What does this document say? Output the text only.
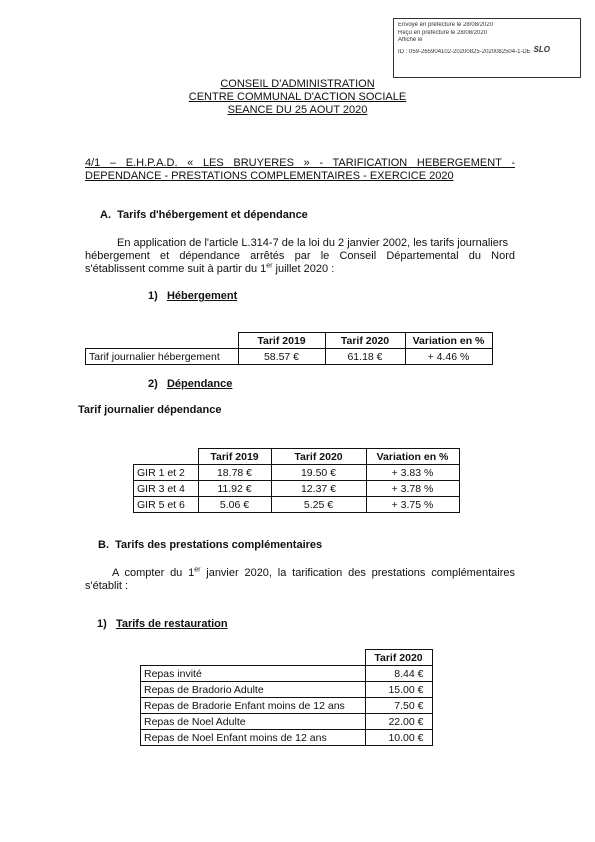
Envoyé en préfecture le 28/08/2020
Reçu en préfecture le 28/08/2020
Affiché le
ID : 059-265904102-20200825-2020082504-1-DE SLO
CONSEIL D'ADMINISTRATION
CENTRE COMMUNAL D'ACTION SOCIALE
SEANCE DU 25 AOUT 2020
4/1 – E.H.P.A.D. « LES BRUYERES » - TARIFICATION HEBERGEMENT -
DEPENDANCE - PRESTATIONS COMPLEMENTAIRES - EXERCICE 2020
A. Tarifs d'hébergement et dépendance
En application de l'article L.314-7 de la loi du 2 janvier 2002, les tarifs journaliers
hébergement et dépendance arrêtés par le Conseil Départemental du Nord
s'établissent comme suit à partir du 1er juillet 2020 :
1) Hébergement
	Tarif 2019	Tarif 2020	Variation en %
Tarif journalier hébergement	58.57 €	61.18 €	+ 4.46 %
2) Dépendance
Tarif journalier dépendance
	Tarif 2019	Tarif 2020	Variation en %
GIR 1 et 2	18.78 €	19.50 €	+ 3.83 %
GIR 3 et 4	11.92 €	12.37 €	+ 3.78 %
GIR 5 et 6	5.06 €	5.25 €	+ 3.75 %
B. Tarifs des prestations complémentaires
A compter du 1er janvier 2020, la tarification des prestations complémentaires
s'établit :
1) Tarifs de restauration
	Tarif 2020
Repas invité	8.44 €
Repas de Bradorio Adulte	15.00 €
Repas de Bradorie Enfant moins de 12 ans	7.50 €
Repas de Noel Adulte	22.00 €
Repas de Noel Enfant moins de 12 ans	10.00 €
